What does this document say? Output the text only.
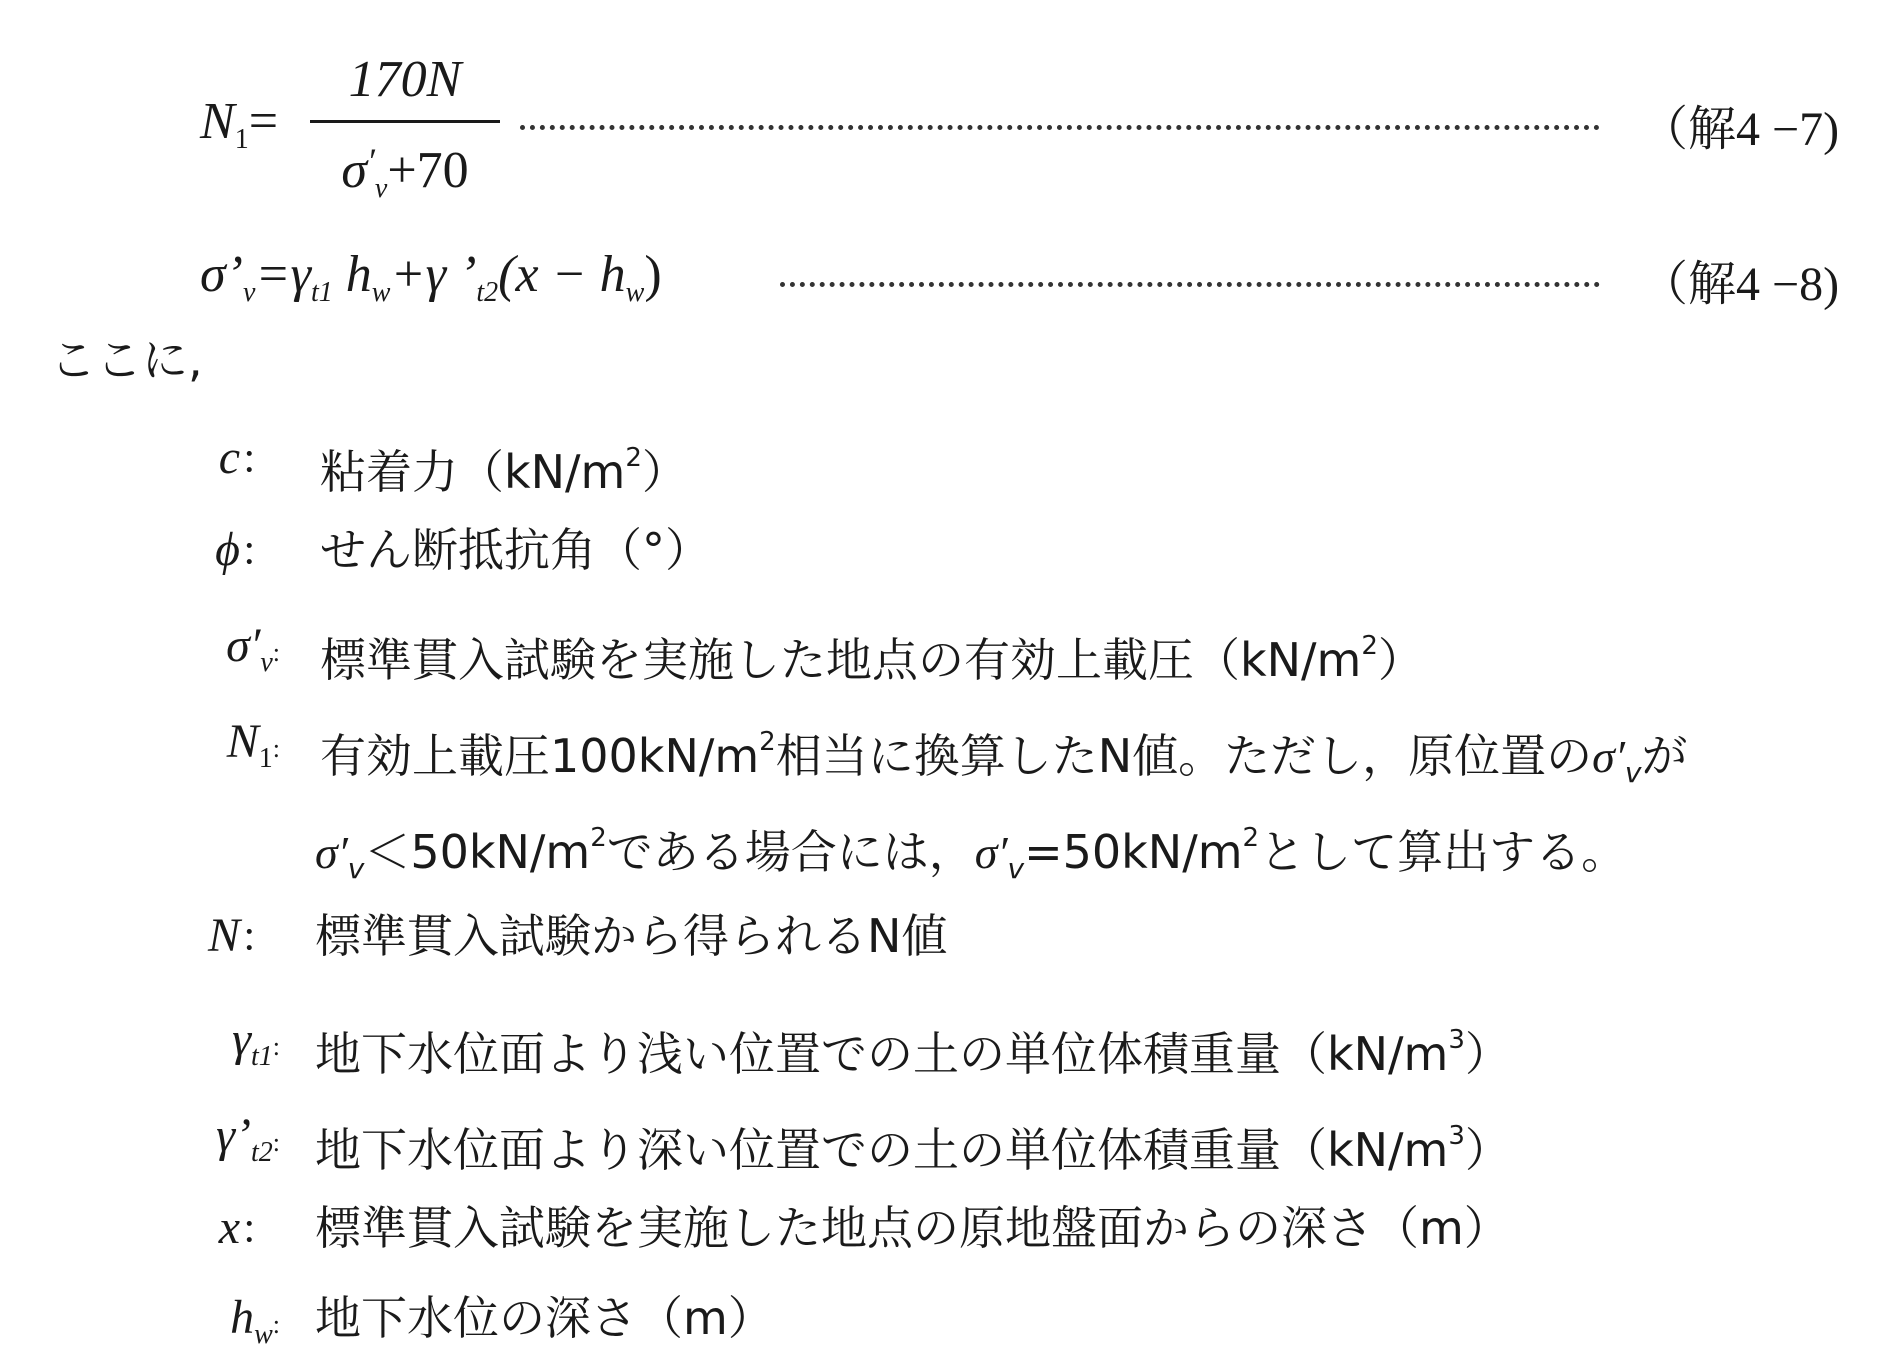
$N_1=$
170N
$\sigma'_v+70$
（解4 −7)
$\sigma’_v=\gamma_{t1}$ $h_w+\gamma$ $’_{t2}(x - h_w)$	（解4 −8)
ここに,
c： 粘着力$(kN/m^2)$
ϕ： せん断抵抗角（°）
$\sigma'_v$: 標準貫入試験を実施した地点の有効上載圧$(kN/m^2)$
$N_1$: 有効上載圧$100kN/m^2$相当に換算したN値。ただし，原位置の$\sigma'_v$が
$\sigma'_v<50kN/m^2$である場合には，$\sigma'_v=50kN/m^2$として算出する。
N： 標準貫入試験から得られるN値
$\gamma_{t1}$: 地下水位面より浅い位置での土の単位体積重量$(kN/m^3)$
$\gamma’_{t2}$: 地下水位面より深い位置での土の単位体積重量$(kN/m^3)$
x： 標準貫入試験を実施した地点の原地盤面からの深さ（m）
$h_w$: 地下水位の深さ（m）
